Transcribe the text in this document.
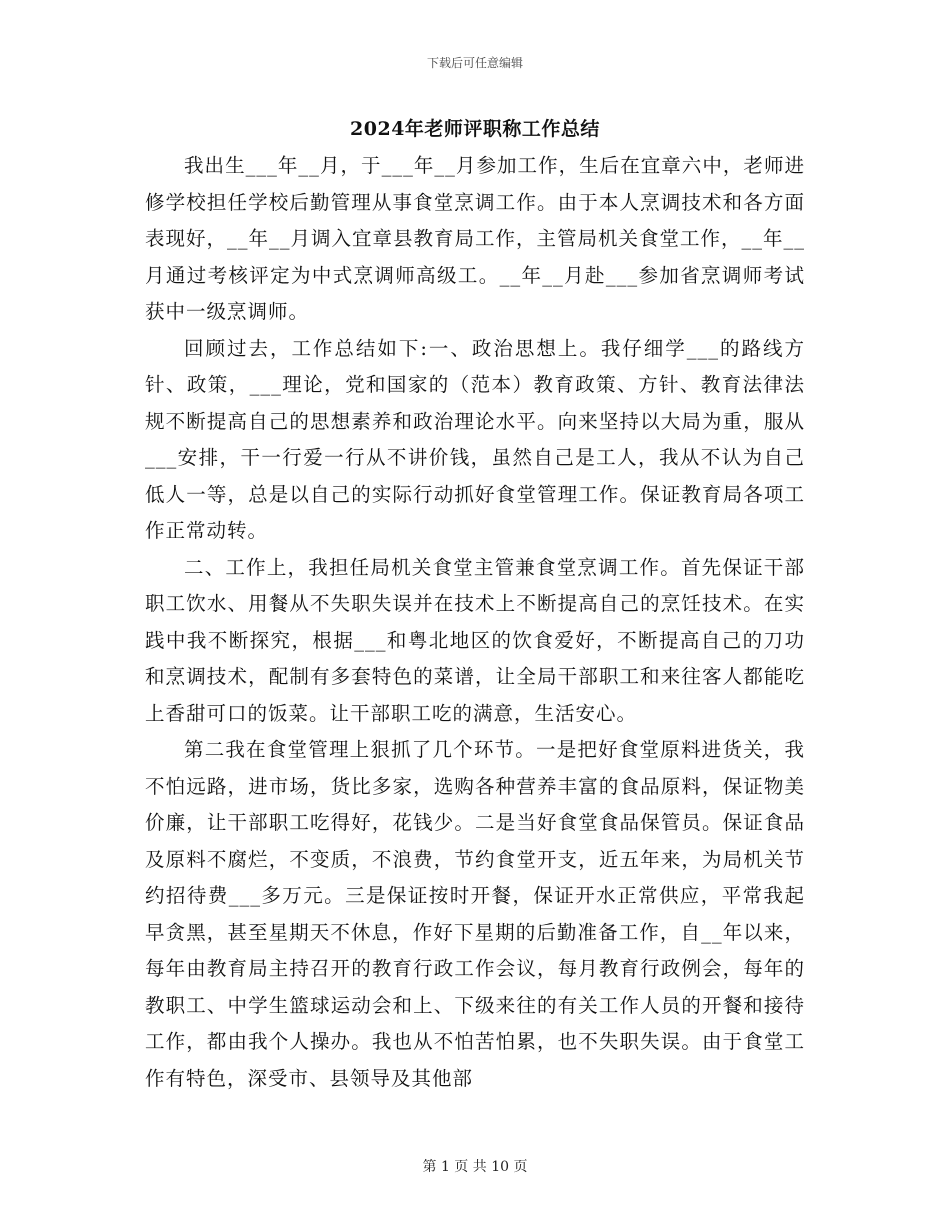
下载后可任意编辑
2024年老师评职称工作总结

我出生___年__月，于___年__月参加工作，生后在宜章六中，老师进修学校担任学校后勤管理从事食堂烹调工作。由于本人烹调技术和各方面表现好，__年__月调入宜章县教育局工作，主管局机关食堂工作，__年__月通过考核评定为中式烹调师高级工。__年__月赴___参加省烹调师考试获中一级烹调师。

回顾过去，工作总结如下:一、政治思想上。我仔细学___的路线方针、政策，___理论，党和国家的（范本）教育政策、方针、教育法律法规不断提高自己的思想素养和政治理论水平。向来坚持以大局为重，服从___安排，干一行爱一行从不讲价钱，虽然自己是工人，我从不认为自己低人一等，总是以自己的实际行动抓好食堂管理工作。保证教育局各项工作正常动转。

二、工作上，我担任局机关食堂主管兼食堂烹调工作。首先保证干部职工饮水、用餐从不失职失误并在技术上不断提高自己的烹饪技术。在实践中我不断探究，根据___和粤北地区的饮食爱好，不断提高自己的刀功和烹调技术，配制有多套特色的菜谱，让全局干部职工和来往客人都能吃上香甜可口的饭菜。让干部职工吃的满意，生活安心。

第二我在食堂管理上狠抓了几个环节。一是把好食堂原料进货关，我不怕远路，进市场，货比多家，选购各种营养丰富的食品原料，保证物美价廉，让干部职工吃得好，花钱少。二是当好食堂食品保管员。保证食品及原料不腐烂，不变质，不浪费，节约食堂开支，近五年来，为局机关节约招待费___多万元。三是保证按时开餐，保证开水正常供应，平常我起早贪黑，甚至星期天不休息，作好下星期的后勤准备工作，自__年以来，每年由教育局主持召开的教育行政工作会议，每月教育行政例会，每年的教职工、中学生篮球运动会和上、下级来往的有关工作人员的开餐和接待工作，都由我个人操办。我也从不怕苦怕累，也不失职失误。由于食堂工作有特色，深受市、县领导及其他部

第 1 页 共 10 页
